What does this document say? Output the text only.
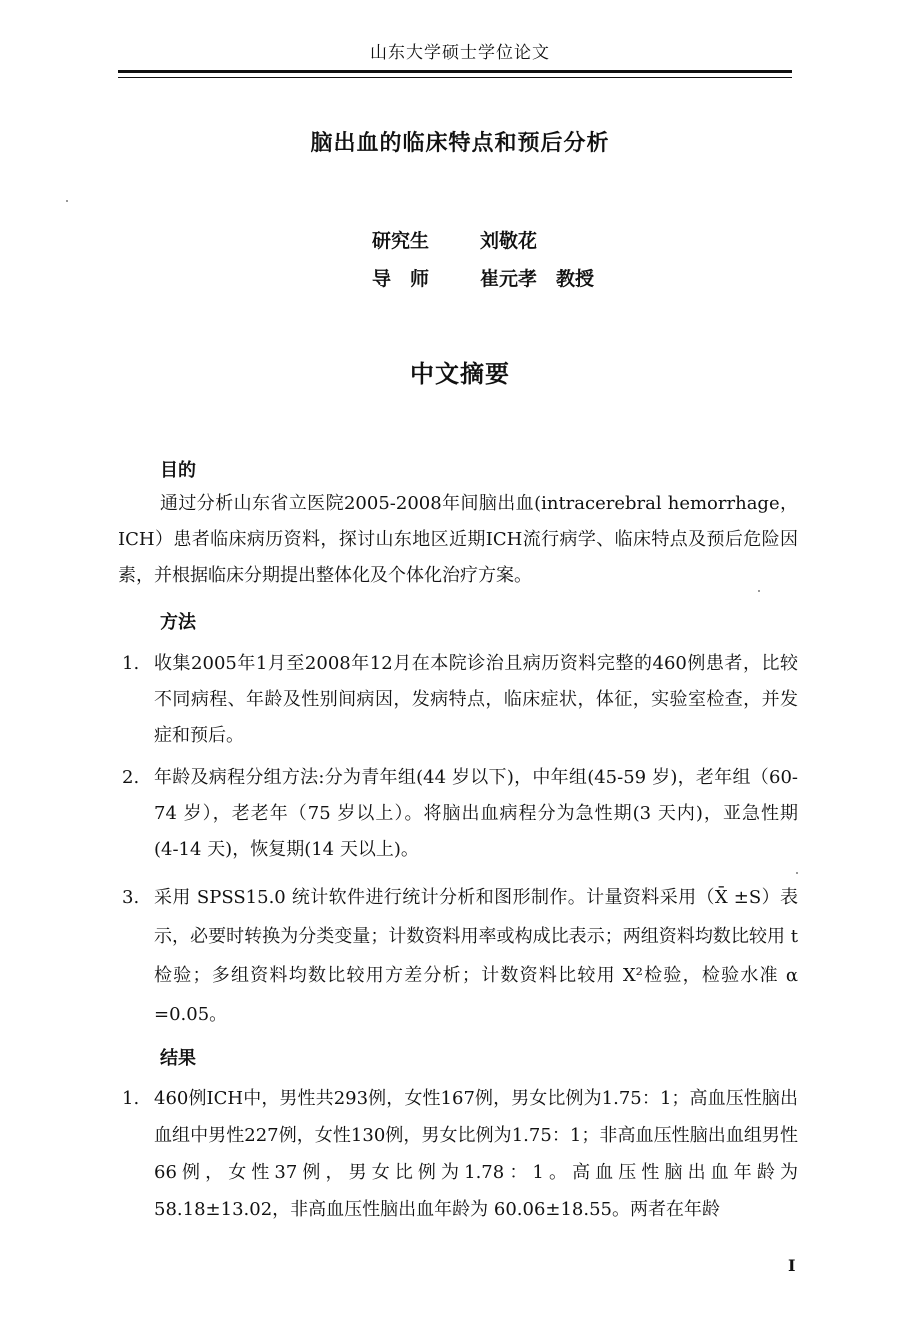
山东大学硕士学位论文
脑出血的临床特点和预后分析
研究生	刘敬花
导　师	崔元孝　教授
中文摘要
目的
通过分析山东省立医院2005-2008年间脑出血(intracerebral hemorrhage，ICH）患者临床病历资料，探讨山东地区近期ICH流行病学、临床特点及预后危险因素，并根据临床分期提出整体化及个体化治疗方案。
方法
1. 收集2005年1月至2008年12月在本院诊治且病历资料完整的460例患者，比较不同病程、年龄及性别间病因，发病特点，临床症状，体征，实验室检查，并发症和预后。
2. 年龄及病程分组方法:分为青年组(44 岁以下)，中年组(45-59 岁)，老年组（60-74 岁），老老年（75 岁以上）。将脑出血病程分为急性期(3 天内)，亚急性期　(4-14 天)，恢复期(14 天以上)。
3. 采用 SPSS15.0 统计软件进行统计分析和图形制作。计量资料采用（X̄ ±S）表示，必要时转换为分类变量；计数资料用率或构成比表示；两组资料均数比较用 t 检验；多组资料均数比较用方差分析；计数资料比较用 X²检验，检验水准 α =0.05。
结果
1. 460例ICH中，男性共293例，女性167例，男女比例为1.75：1；高血压性脑出血组中男性227例，女性130例，男女比例为1.75：1；非高血压性脑出血组男性66例，女性37例，男女比例为1.78：1。高血压性脑出血年龄为 58.18±13.02，非高血压性脑出血年龄为 60.06±18.55。两者在年龄
I
